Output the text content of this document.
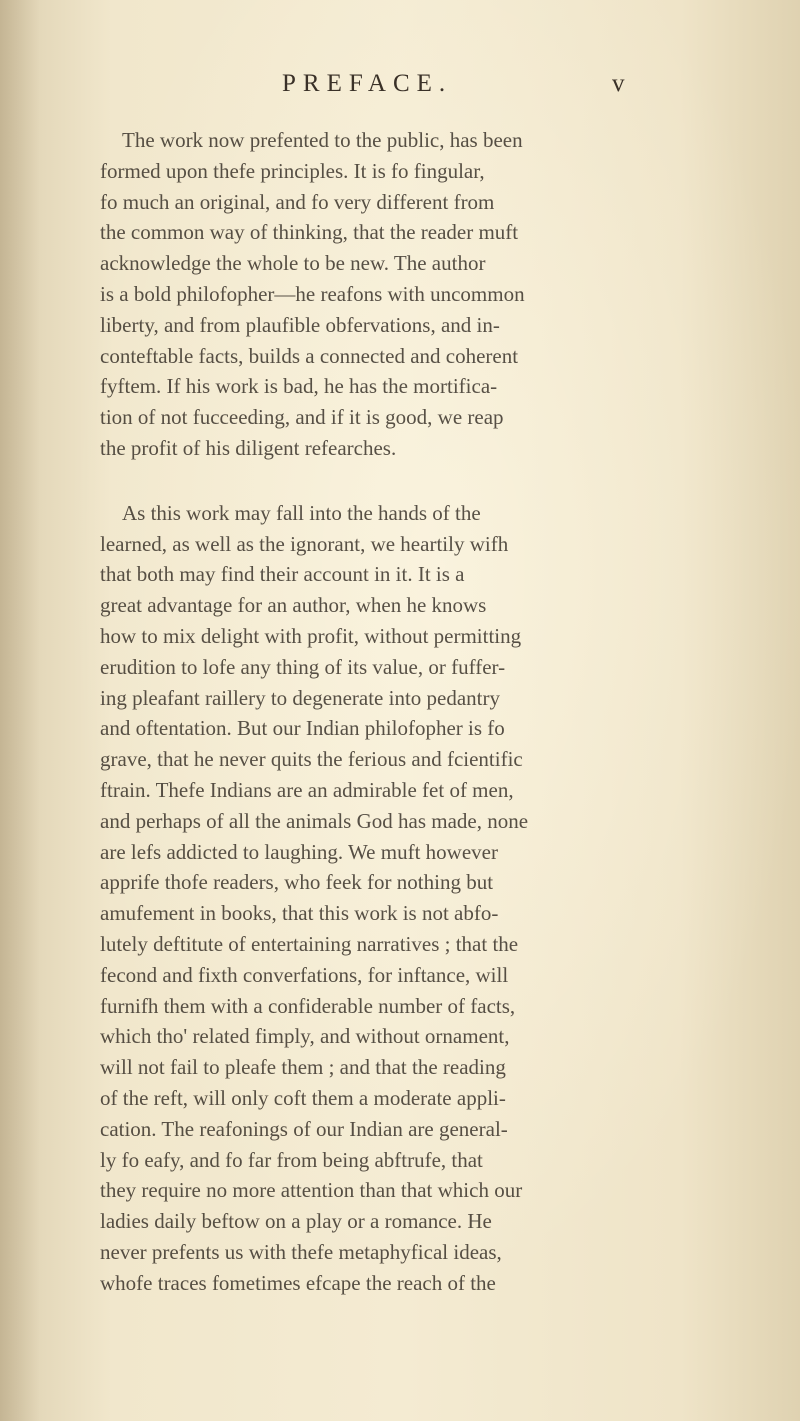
PREFACE.	v
The work now prefented to the public, has been
formed upon thefe principles. It is fo fingular,
fo much an original, and fo very different from
the common way of thinking, that the reader muft
acknowledge the whole to be new. The author
is a bold philofopher—he reafons with uncommon
liberty, and from plaufible obfervations, and in-
conteftable facts, builds a connected and coherent
fyftem. If his work is bad, he has the mortifica-
tion of not fucceeding, and if it is good, we reap
the profit of his diligent refearches.
As this work may fall into the hands of the
learned, as well as the ignorant, we heartily wifh
that both may find their account in it. It is a
great advantage for an author, when he knows
how to mix delight with profit, without permitting
erudition to lofe any thing of its value, or fuffer-
ing pleafant raillery to degenerate into pedantry
and oftentation. But our Indian philofopher is fo
grave, that he never quits the ferious and fcientific
ftrain. Thefe Indians are an admirable fet of men,
and perhaps of all the animals God has made, none
are lefs addicted to laughing. We muft however
apprife thofe readers, who feek for nothing but
amufement in books, that this work is not abfo-
lutely deftitute of entertaining narratives ; that the
fecond and fixth converfations, for inftance, will
furnifh them with a confiderable number of facts,
which tho' related fimply, and without ornament,
will not fail to pleafe them ; and that the reading
of the reft, will only coft them a moderate appli-
cation. The reafonings of our Indian are general-
ly fo eafy, and fo far from being abftrufe, that
they require no more attention than that which our
ladies daily beftow on a play or a romance. He
never prefents us with thefe metaphyfical ideas,
whofe traces fometimes efcape the reach of the
